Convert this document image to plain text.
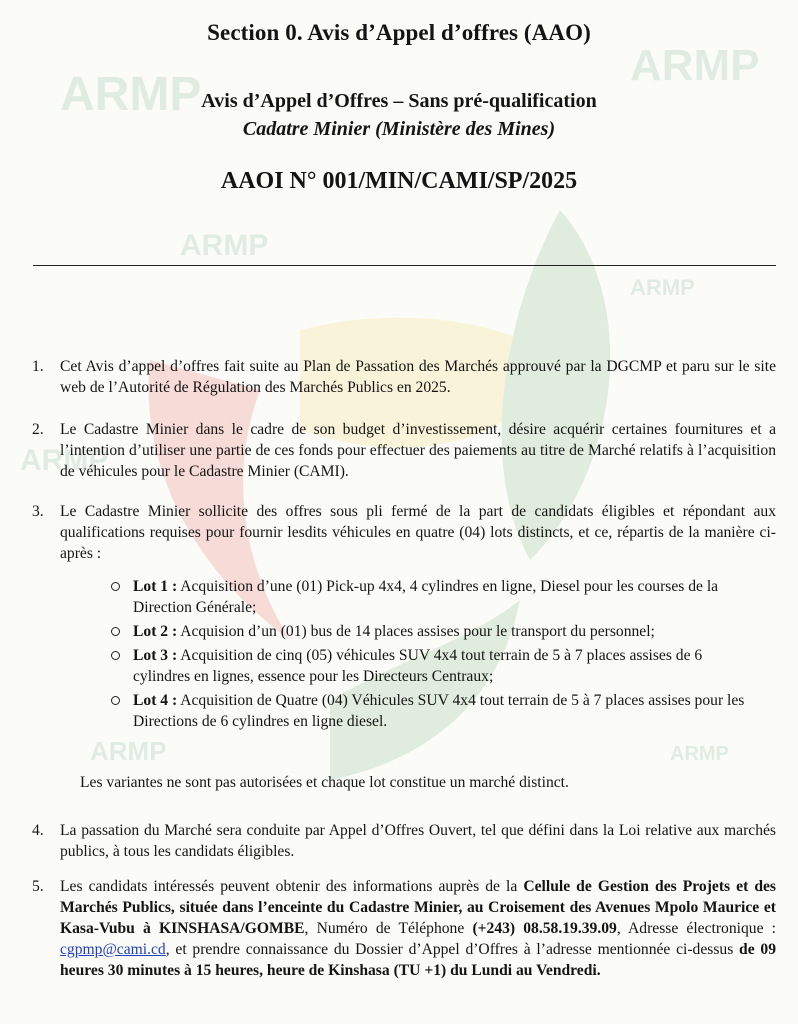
ARMP
ARMP
ARMP
ARMP
ARMP
ARMP	ARMP
Section 0. Avis d’Appel d’offres (AAO)
Avis d’Appel d’Offres – Sans pré-qualification
Cadatre Minier (Ministère des Mines)
AAOI N° 001/MIN/CAMI/SP/2025
1. Cet Avis d’appel d’offres fait suite au Plan de Passation des Marchés approuvé par la DGCMP et paru sur le site web de l’Autorité de Régulation des Marchés Publics en 2025.
2. Le Cadastre Minier dans le cadre de son budget d’investissement, désire acquérir certaines fournitures et a l’intention d’utiliser une partie de ces fonds pour effectuer des paiements au titre de Marché relatifs à l’acquisition de véhicules pour le Cadastre Minier (CAMI).
3. Le Cadastre Minier sollicite des offres sous pli fermé de la part de candidats éligibles et répondant aux qualifications requises pour fournir lesdits véhicules en quatre (04) lots distincts, et ce, répartis de la manière ci-après :
Lot 1 : Acquisition d’une (01) Pick-up 4x4, 4 cylindres en ligne, Diesel pour les courses de la Direction Générale;
Lot 2 : Acquision d’un (01) bus de 14 places assises pour le transport du personnel;
Lot 3 : Acquisition de cinq (05) véhicules SUV 4x4 tout terrain de 5 à 7 places assises de 6 cylindres en lignes, essence pour les Directeurs Centraux;
Lot 4 : Acquisition de Quatre (04) Véhicules SUV 4x4 tout terrain de 5 à 7 places assises pour les Directions de 6 cylindres en ligne diesel.
Les variantes ne sont pas autorisées et chaque lot constitue un marché distinct.
4. La passation du Marché sera conduite par Appel d’Offres Ouvert, tel que défini dans la Loi relative aux marchés publics, à tous les candidats éligibles.
5. Les candidats intéressés peuvent obtenir des informations auprès de la Cellule de Gestion des Projets et des Marchés Publics, située dans l’enceinte du Cadastre Minier, au Croisement des Avenues Mpolo Maurice et Kasa-Vubu à KINSHASA/GOMBE, Numéro de Téléphone (+243) 08.58.19.39.09, Adresse électronique : cgpmp@cami.cd, et prendre connaissance du Dossier d’Appel d’Offres à l’adresse mentionnée ci-dessus de 09 heures 30 minutes à 15 heures, heure de Kinshasa (TU +1) du Lundi au Vendredi.
